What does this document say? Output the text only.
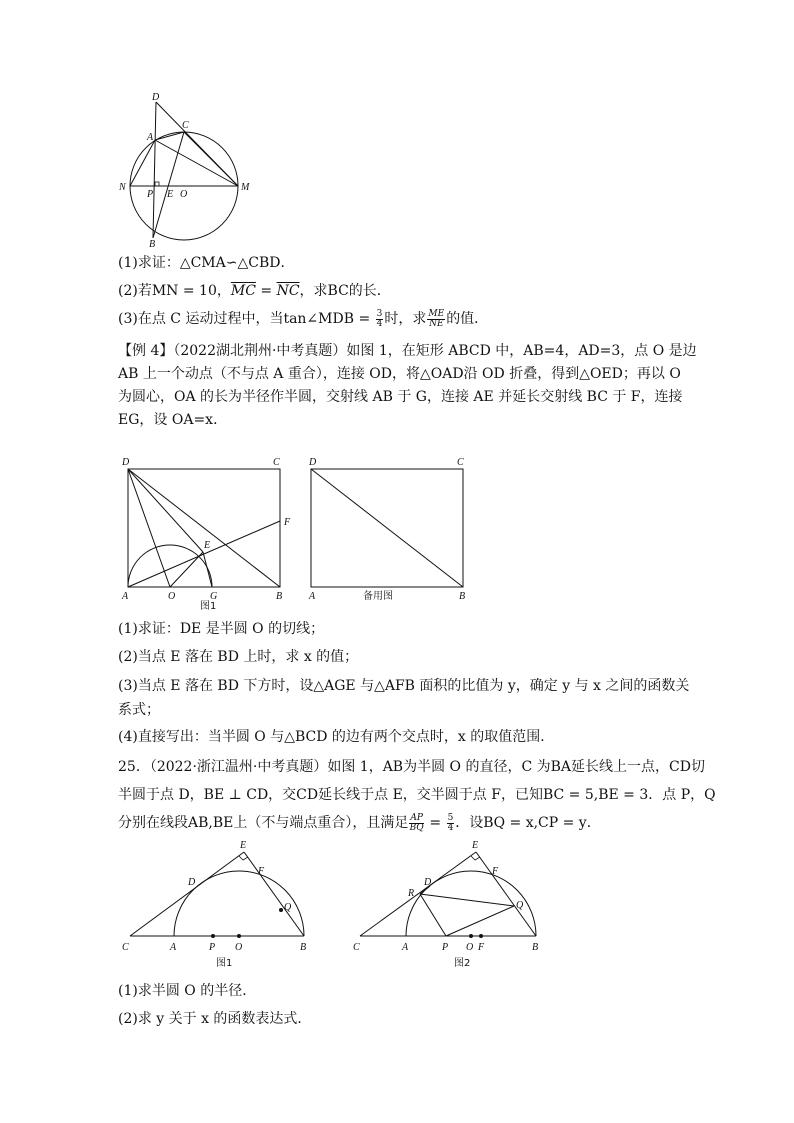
D
C
A
N
P E O
M
B
(1)求证：△CMA∽△CBD．
(2)若MN = 10，$\overline{MC} = \overline{NC}$，求BC的长．
(3)在点 C 运动过程中，当tan∠MDB = $\frac{3}{4}$ 时，求 $\frac{ME}{NE}$ 的值．
【例 4】（2022湖北荆州·中考真题）如图 1，在矩形 ABCD 中，AB=4，AD=3，点 O 是边 AB 上一个动点（不与点 A 重合），连接 OD，将△OAD沿 OD 折叠，得到△OED；再以 O 为圆心，OA 的长为半径作半圆，交射线 AB 于 G，连接 AE 并延长交射线 BC 于 F，连接 EG，设 OA=x．
D	C
F
E
A	O	G	B
图1
D	C
A	B
备用图
(1)求证：DE 是半圆 O 的切线；
(2)当点 E 落在 BD 上时，求 x 的值；
(3)当点 E 落在 BD 下方时，设△AGE 与△AFB 面积的比值为 y，确定 y 与 x 之间的函数关系式；
(4)直接写出：当半圆 O 与△BCD 的边有两个交点时，x 的取值范围．
25．（2022·浙江温州·中考真题）如图 1，AB为半圆 O 的直径，C 为BA延长线上一点，CD切
半圆于点 D，BE ⊥ CD，交CD延长线于点 E，交半圆于点 F，已知BC = 5,BE = 3．点 P，Q
分别在线段AB,BE上（不与端点重合），且满足 $\frac{AP}{BQ} = \frac{5}{4}$ ．设BQ = x,CP = y．
E
D
F
Q
C	A	P O	B
图1
E
D
F
R
Q
C	A	P O F	B
图2
(1)求半圆 O 的半径．
(2)求 y 关于 x 的函数表达式．
